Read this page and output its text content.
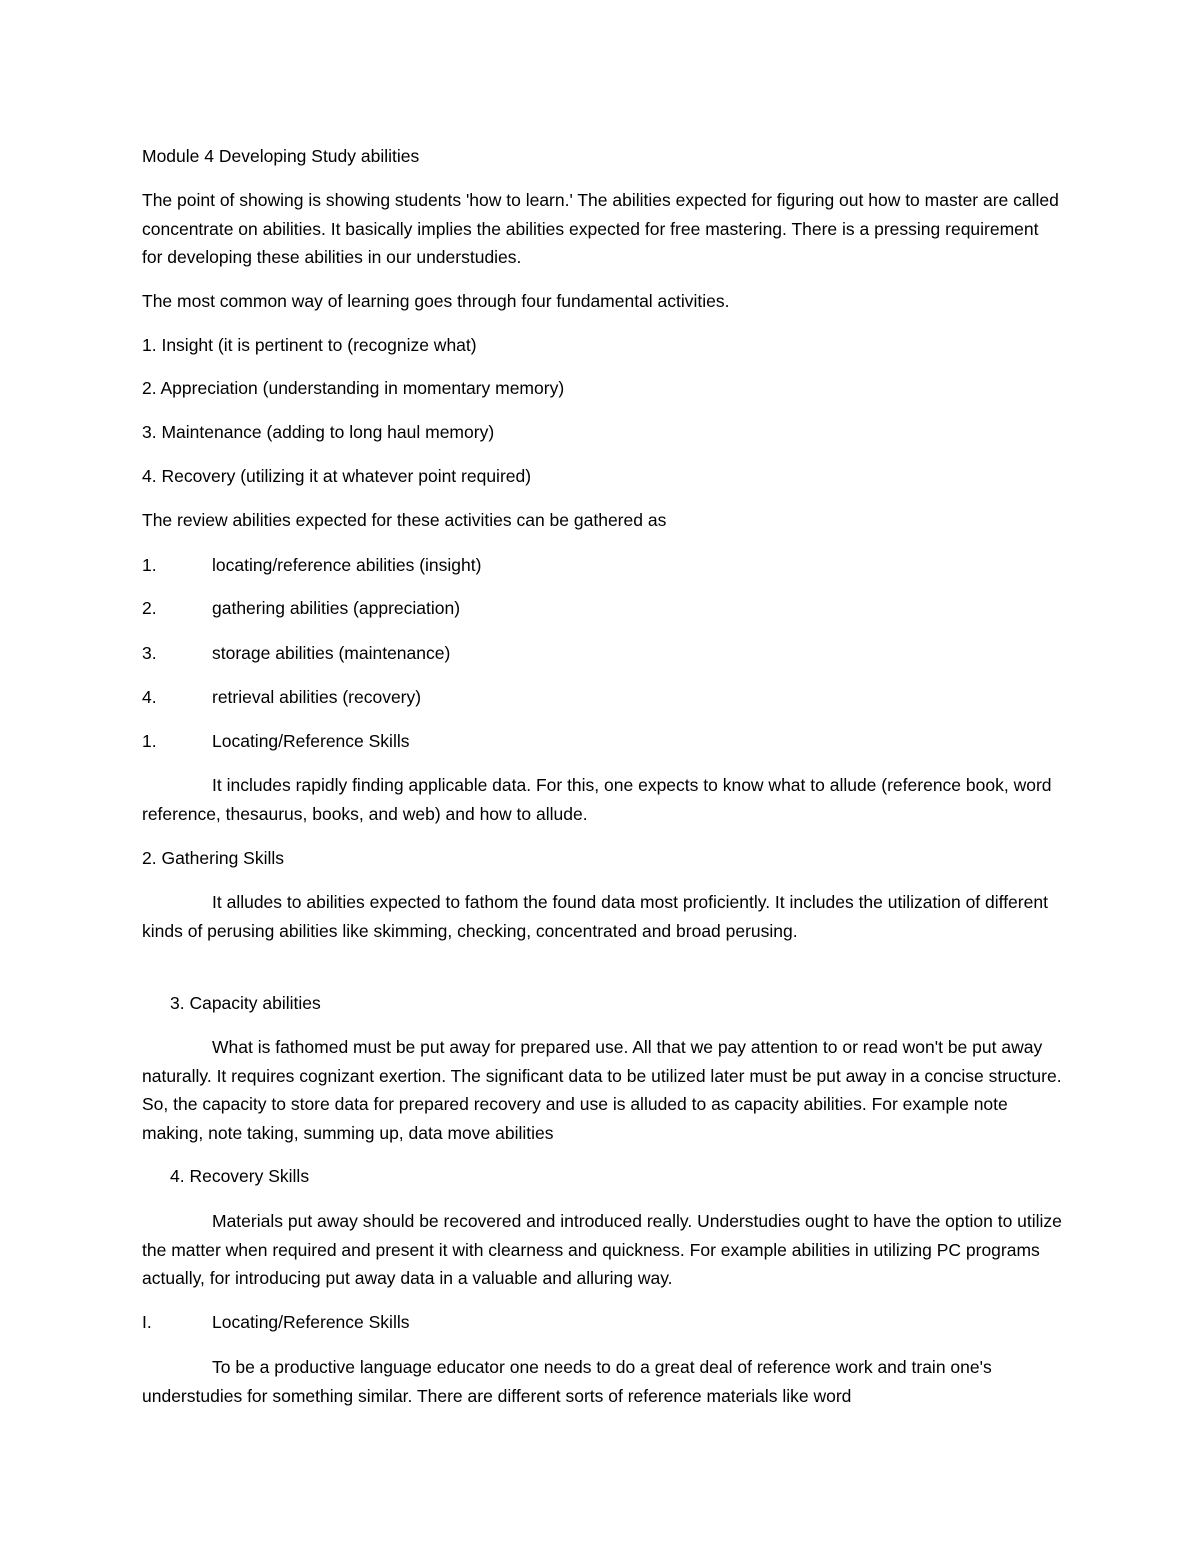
Module 4 Developing Study abilities
The point of showing is showing students 'how to learn.' The abilities expected for figuring out how to master are called concentrate on abilities. It basically implies the abilities expected for free mastering. There is a pressing requirement for developing these abilities in our understudies.
The most common way of learning goes through four fundamental activities.
1. Insight (it is pertinent to (recognize what)
2. Appreciation (understanding in momentary memory)
3. Maintenance (adding to long haul memory)
4. Recovery (utilizing it at whatever point required)
The review abilities expected for these activities can be gathered as
1.	locating/reference abilities (insight)
2.	gathering abilities (appreciation)
3.	storage abilities (maintenance)
4.	retrieval abilities (recovery)
1.	Locating/Reference Skills
It includes rapidly finding applicable data. For this, one expects to know what to allude (reference book, word reference, thesaurus, books, and web) and how to allude.
2. Gathering Skills
It alludes to abilities expected to fathom the found data most proficiently. It includes the utilization of different kinds of perusing abilities like skimming, checking, concentrated and broad perusing.
3. Capacity abilities
What is fathomed must be put away for prepared use. All that we pay attention to or read won't be put away naturally. It requires cognizant exertion. The significant data to be utilized later must be put away in a concise structure. So, the capacity to store data for prepared recovery and use is alluded to as capacity abilities. For example note making, note taking, summing up, data move abilities
4. Recovery Skills
Materials put away should be recovered and introduced really. Understudies ought to have the option to utilize the matter when required and present it with clearness and quickness. For example abilities in utilizing PC programs actually, for introducing put away data in a valuable and alluring way.
I.	Locating/Reference Skills
To be a productive language educator one needs to do a great deal of reference work and train one's understudies for something similar. There are different sorts of reference materials like word
